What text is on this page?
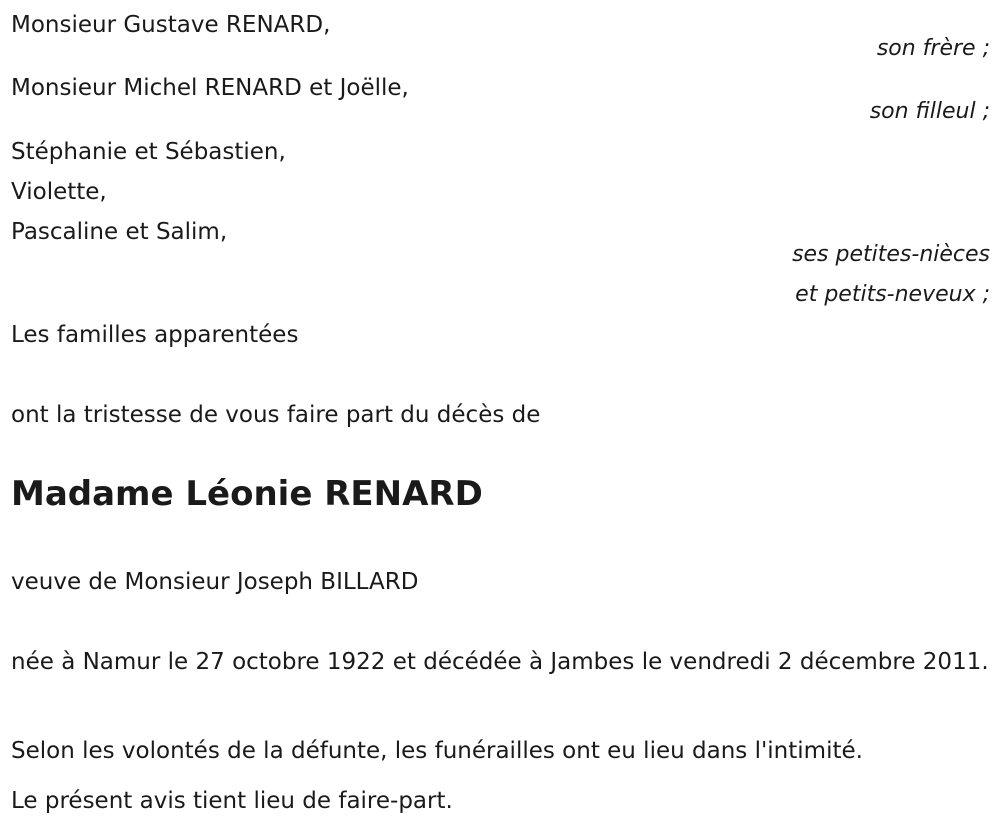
Monsieur Gustave RENARD,
son frère ;
Monsieur Michel RENARD et Joëlle,
son filleul ;
Stéphanie et Sébastien,
Violette,
Pascaline et Salim,
ses petites-nièces
et petits-neveux ;
Les familles apparentées
ont la tristesse de vous faire part du décès de
Madame Léonie RENARD
veuve de Monsieur Joseph BILLARD
née à Namur le 27 octobre 1922 et décédée à Jambes le vendredi 2 décembre 2011.
Selon les volontés de la défunte, les funérailles ont eu lieu dans l'intimité.
Le présent avis tient lieu de faire-part.
